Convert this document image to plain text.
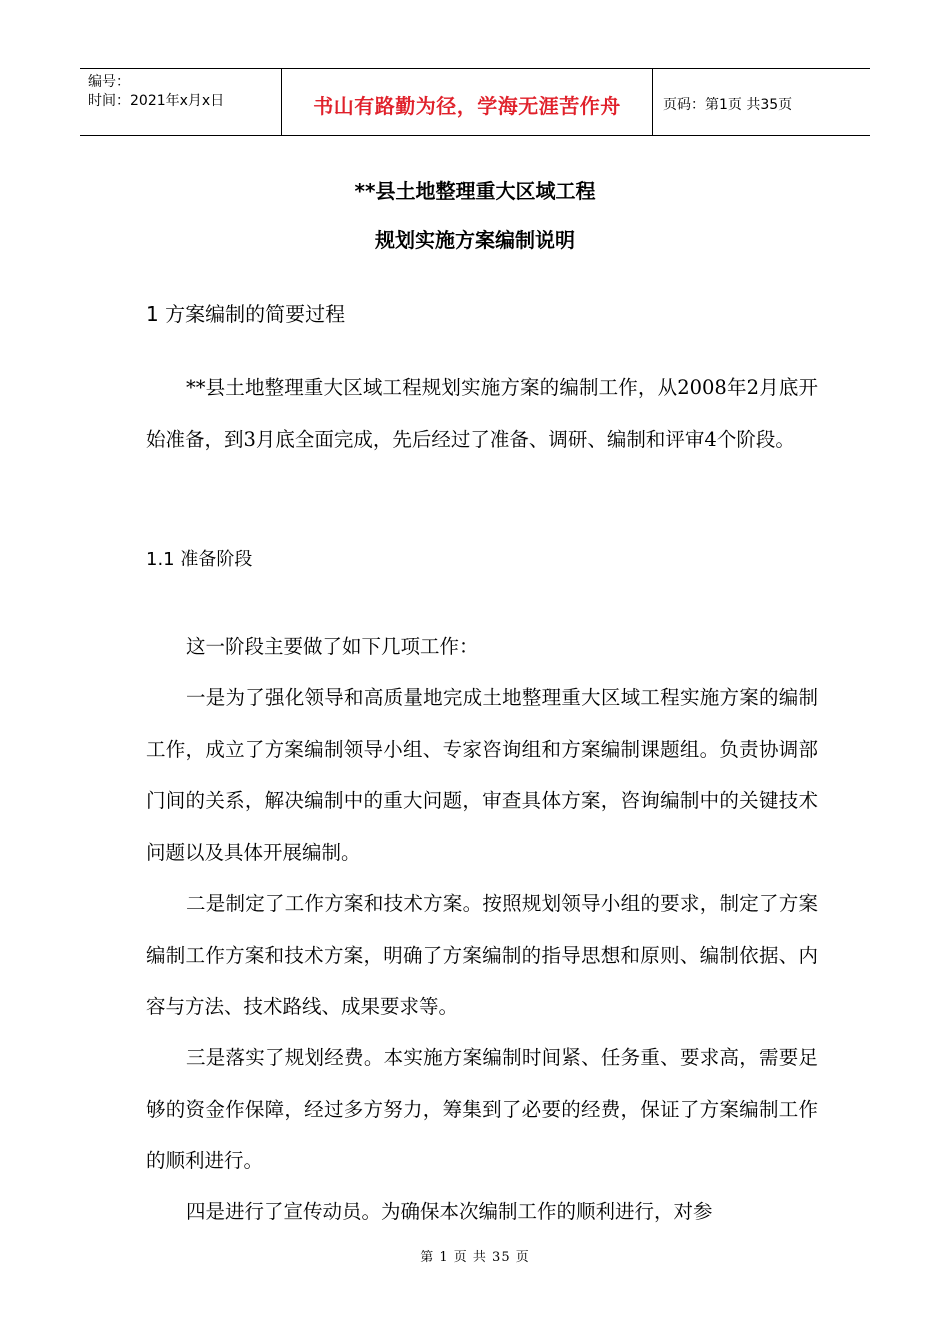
编号：
时间：2021年x月x日	书山有路勤为径，学海无涯苦作舟	页码：第1页 共35页
**县土地整理重大区域工程
规划实施方案编制说明
1 方案编制的简要过程
**县土地整理重大区域工程规划实施方案的编制工作，从2008年2月底开始准备，到3月底全面完成，先后经过了准备、调研、编制和评审4个阶段。
1.1 准备阶段
这一阶段主要做了如下几项工作：
一是为了强化领导和高质量地完成土地整理重大区域工程实施方案的编制工作，成立了方案编制领导小组、专家咨询组和方案编制课题组。负责协调部门间的关系，解决编制中的重大问题，审查具体方案，咨询编制中的关键技术问题以及具体开展编制。
二是制定了工作方案和技术方案。按照规划领导小组的要求，制定了方案编制工作方案和技术方案，明确了方案编制的指导思想和原则、编制依据、内容与方法、技术路线、成果要求等。
三是落实了规划经费。本实施方案编制时间紧、任务重、要求高，需要足够的资金作保障，经过多方努力，筹集到了必要的经费，保证了方案编制工作的顺利进行。
四是进行了宣传动员。为确保本次编制工作的顺利进行，对参
第 1 页 共 35 页
